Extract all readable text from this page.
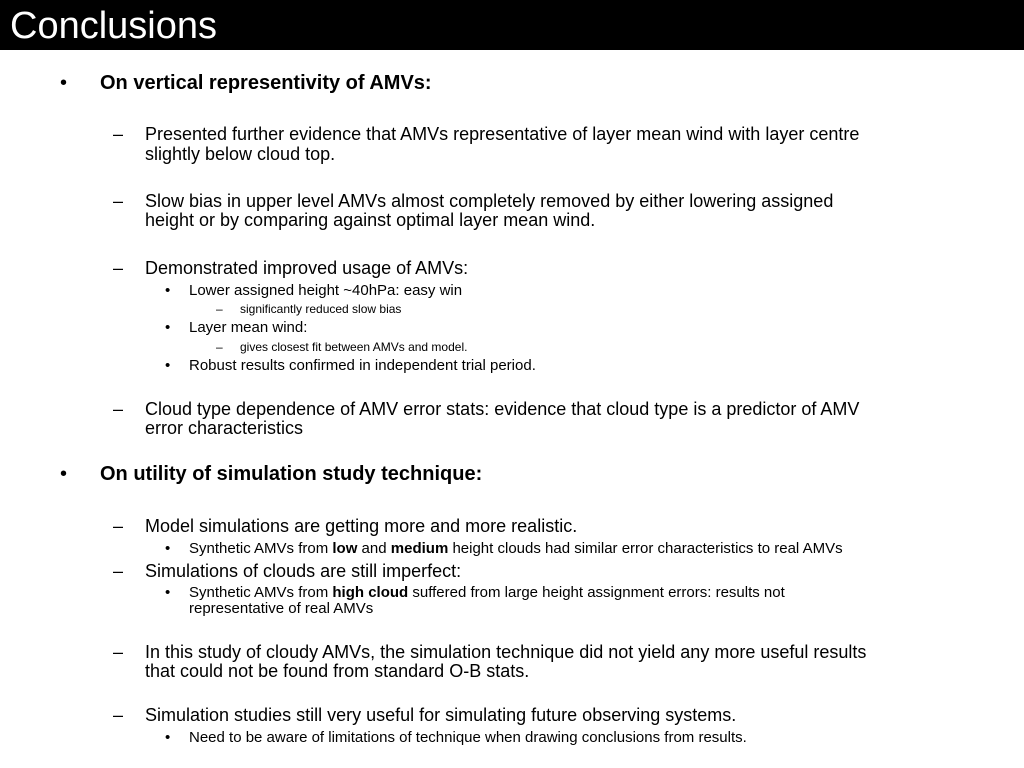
Conclusions
• On vertical representivity of AMVs:
– Presented further evidence that AMVs representative of layer mean wind with layer centre
slightly below cloud top.
– Slow bias in upper level AMVs almost completely removed by either lowering assigned
height or by comparing against optimal layer mean wind.
– Demonstrated improved usage of AMVs:
• Lower assigned height ~40hPa: easy win
– significantly reduced slow bias
• Layer mean wind:
– gives closest fit between AMVs and model.
• Robust results confirmed in independent trial period.
– Cloud type dependence of AMV error stats: evidence that cloud type is a predictor of AMV
error characteristics
• On utility of simulation study technique:
– Model simulations are getting more and more realistic.
• Synthetic AMVs from low and medium height clouds had similar error characteristics to real AMVs
– Simulations of clouds are still imperfect:
• Synthetic AMVs from high cloud suffered from large height assignment errors: results not
representative of real AMVs
– In this study of cloudy AMVs, the simulation technique did not yield any more useful results
that could not be found from standard O-B stats.
– Simulation studies still very useful for simulating future observing systems.
• Need to be aware of limitations of technique when drawing conclusions from results.
